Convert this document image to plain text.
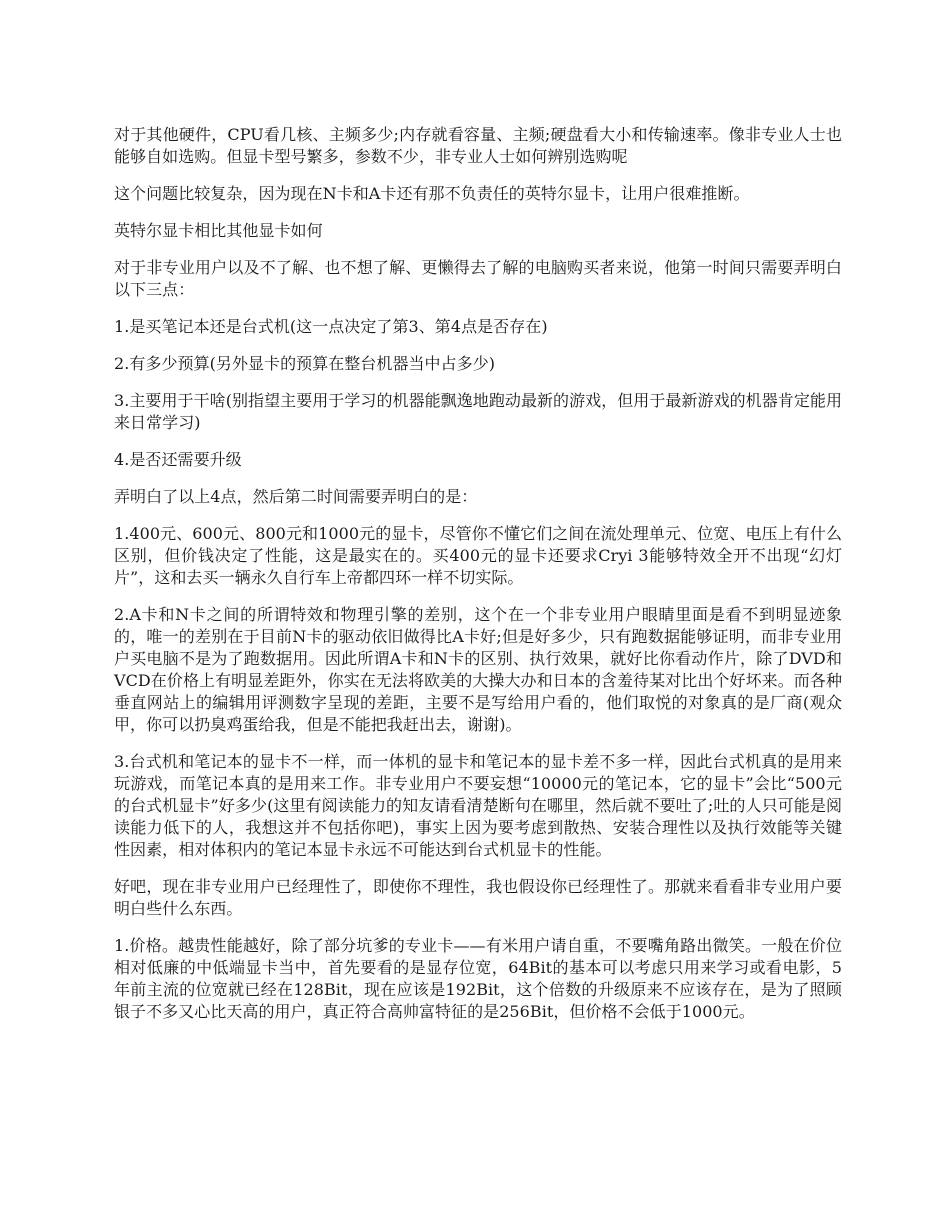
对于其他硬件，CPU看几核、主频多少;内存就看容量、主频;硬盘看大小和传输速率。像非专业人士也能够自如选购。但显卡型号繁多，参数不少，非专业人士如何辨别选购呢

这个问题比较复杂，因为现在N卡和A卡还有那不负责任的英特尔显卡，让用户很难推断。

英特尔显卡相比其他显卡如何

对于非专业用户以及不了解、也不想了解、更懒得去了解的电脑购买者来说，他第一时间只需要弄明白以下三点：

1.是买笔记本还是台式机(这一点决定了第3、第4点是否存在)

2.有多少预算(另外显卡的预算在整台机器当中占多少)

3.主要用于干啥(别指望主要用于学习的机器能飘逸地跑动最新的游戏，但用于最新游戏的机器肯定能用来日常学习)

4.是否还需要升级

弄明白了以上4点，然后第二时间需要弄明白的是：

1.400元、600元、800元和1000元的显卡，尽管你不懂它们之间在流处理单元、位宽、电压上有什么区别，但价钱决定了性能，这是最实在的。买400元的显卡还要求Cryi 3能够特效全开不出现“幻灯片”，这和去买一辆永久自行车上帝都四环一样不切实际。

2.A卡和N卡之间的所谓特效和物理引擎的差别，这个在一个非专业用户眼睛里面是看不到明显迹象的，唯一的差别在于目前N卡的驱动依旧做得比A卡好;但是好多少，只有跑数据能够证明，而非专业用户买电脑不是为了跑数据用。因此所谓A卡和N卡的区别、执行效果，就好比你看动作片，除了DVD和VCD在价格上有明显差距外，你实在无法将欧美的大操大办和日本的含羞待某对比出个好坏来。而各种垂直网站上的编辑用评测数字呈现的差距，主要不是写给用户看的，他们取悦的对象真的是厂商(观众甲，你可以扔臭鸡蛋给我，但是不能把我赶出去，谢谢)。

3.台式机和笔记本的显卡不一样，而一体机的显卡和笔记本的显卡差不多一样，因此台式机真的是用来玩游戏，而笔记本真的是用来工作。非专业用户不要妄想“10000元的笔记本，它的显卡”会比“500元的台式机显卡”好多少(这里有阅读能力的知友请看清楚断句在哪里，然后就不要吐了;吐的人只可能是阅读能力低下的人，我想这并不包括你吧)，事实上因为要考虑到散热、安装合理性以及执行效能等关键性因素，相对体积内的笔记本显卡永远不可能达到台式机显卡的性能。

好吧，现在非专业用户已经理性了，即使你不理性，我也假设你已经理性了。那就来看看非专业用户要明白些什么东西。

1.价格。越贵性能越好，除了部分坑爹的专业卡——有米用户请自重，不要嘴角路出微笑。一般在价位相对低廉的中低端显卡当中，首先要看的是显存位宽，64Bit的基本可以考虑只用来学习或看电影，5年前主流的位宽就已经在128Bit，现在应该是192Bit，这个倍数的升级原来不应该存在，是为了照顾银子不多又心比天高的用户，真正符合高帅富特征的是256Bit，但价格不会低于1000元。
